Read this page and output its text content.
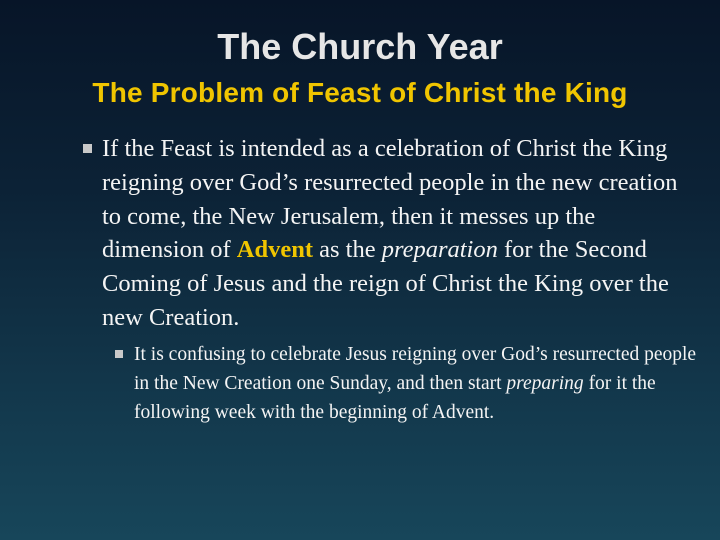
The Church Year
The Problem of Feast of Christ the King
If the Feast is intended as a celebration of Christ the King reigning over God’s resurrected people in the new creation to come, the New Jerusalem, then it messes up the dimension of Advent as the preparation for the Second Coming of Jesus and the reign of Christ the King over the new Creation.
It is confusing to celebrate Jesus reigning over God’s resurrected people in the New Creation one Sunday, and then start preparing for it the following week with the beginning of Advent.
